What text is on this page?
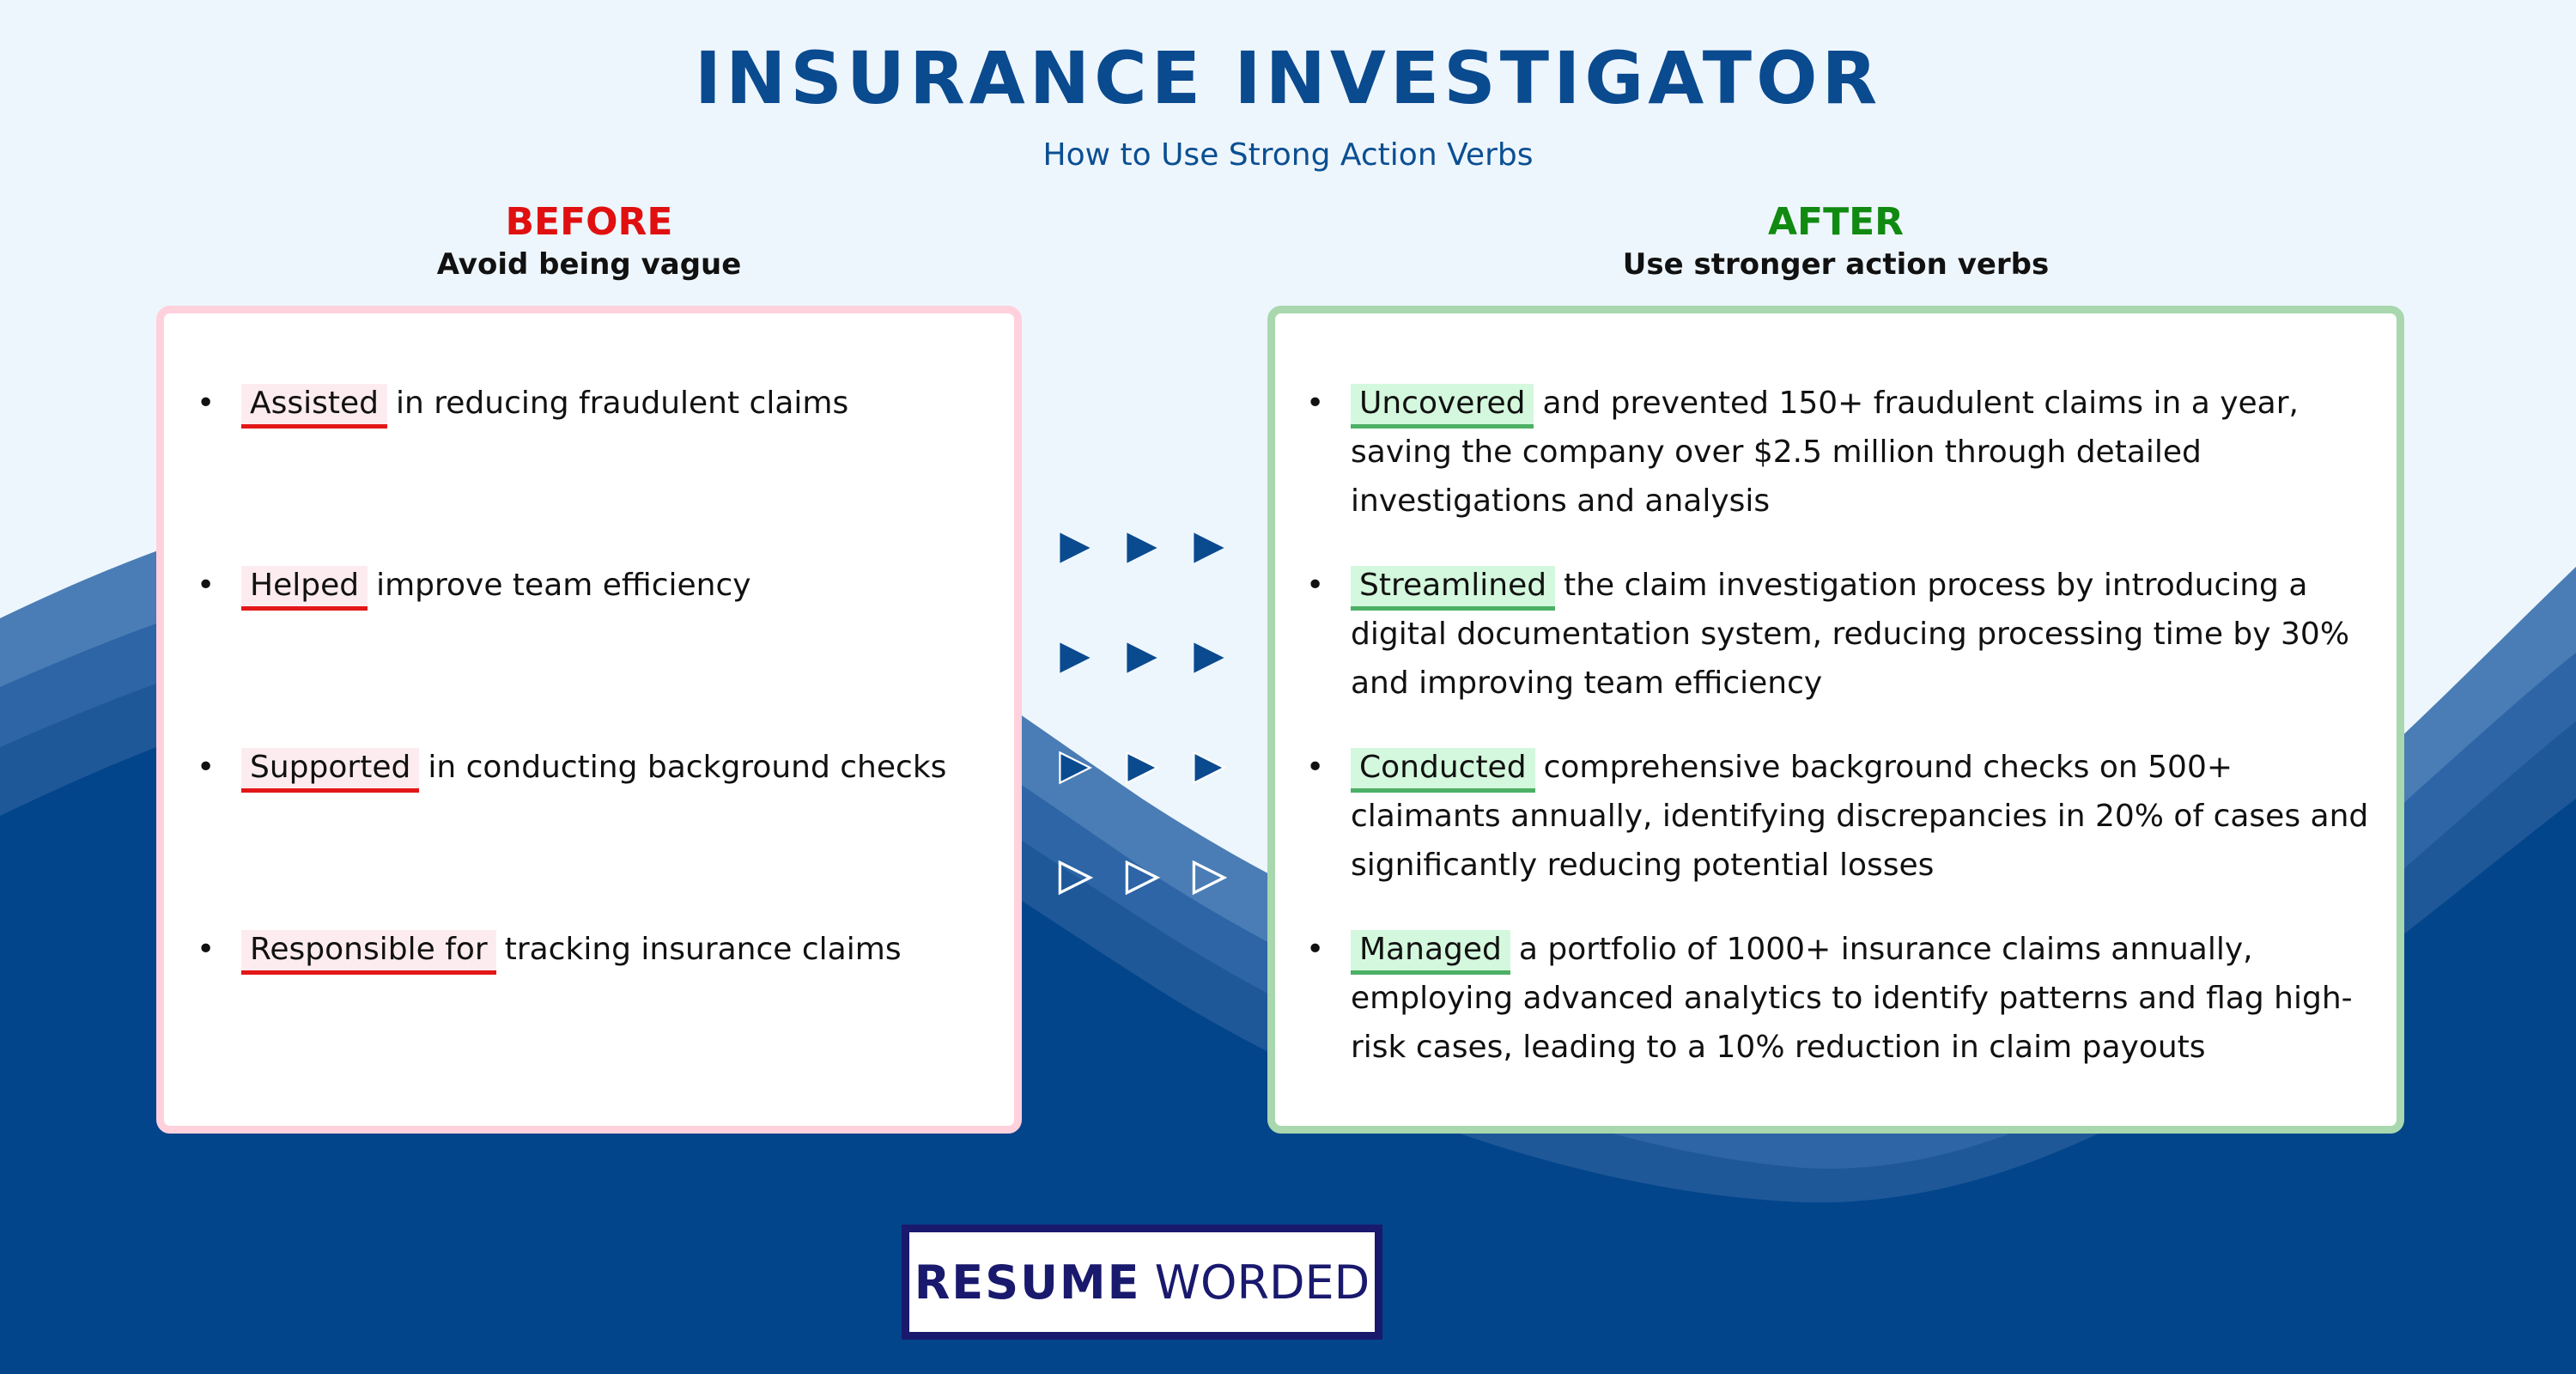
INSURANCE INVESTIGATOR
How to Use Strong Action Verbs
BEFORE
Avoid being vague
AFTER
Use stronger action verbs
•	Assisted in reducing fraudulent claims
•	Helped improve team efficiency
•	Supported in conducting background checks
•	Responsible for tracking insurance claims
•	Uncovered and prevented 150+ fraudulent claims in a year, saving the company over $2.5 million through detailed investigations and analysis
•	Streamlined the claim investigation process by introducing a digital documentation system, reducing processing time by 30% and improving team efficiency
•	Conducted comprehensive background checks on 500+ claimants annually, identifying discrepancies in 20% of cases and significantly reducing potential losses
•	Managed a portfolio of 1000+ insurance claims annually, employing advanced analytics to identify patterns and flag high-risk cases, leading to a 10% reduction in claim payouts
RESUME WORDED
